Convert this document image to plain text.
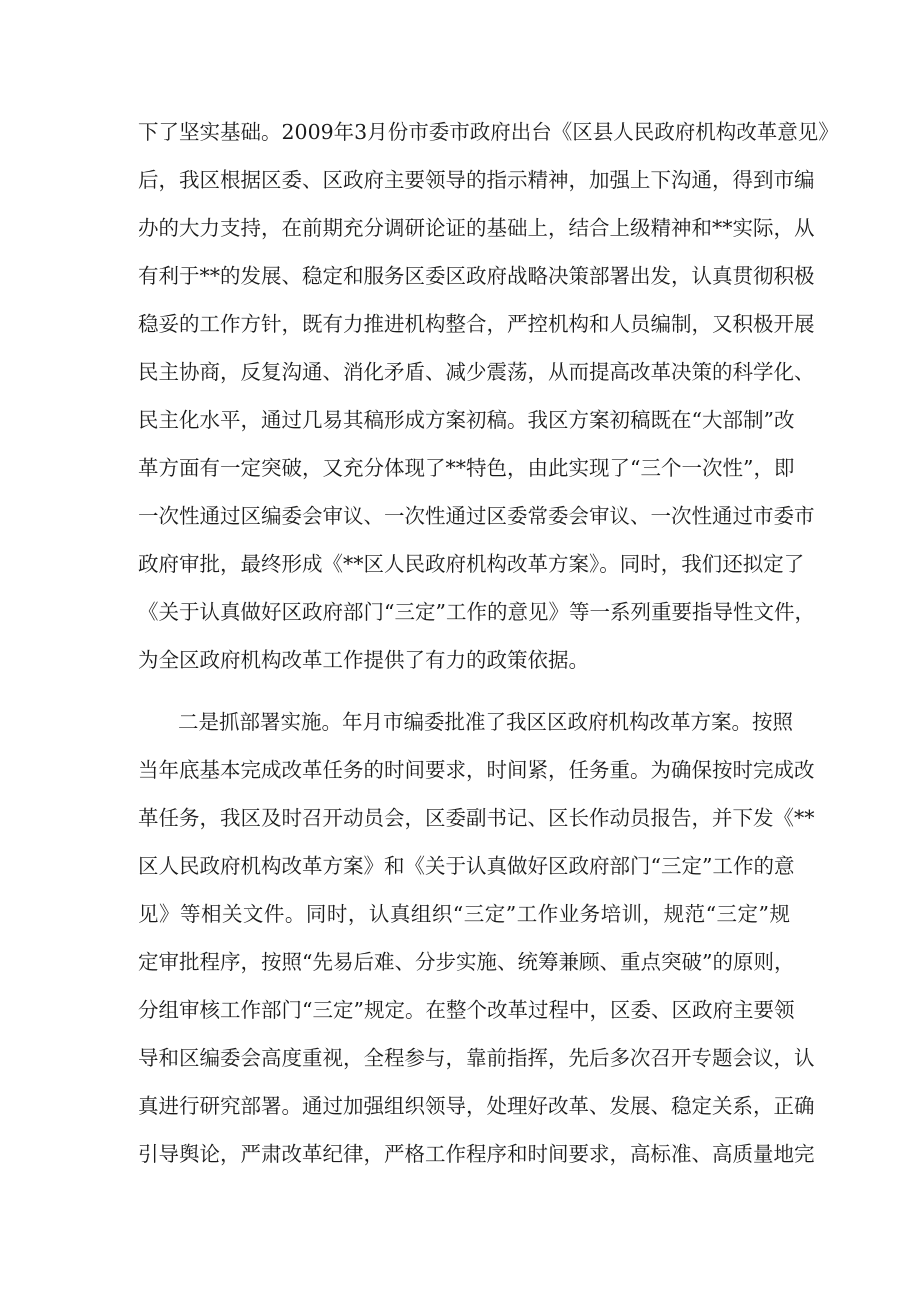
下了坚实基础。2009年3月份市委市政府出台《区县人民政府机构改革意见》
后，我区根据区委、区政府主要领导的指示精神，加强上下沟通，得到市编
办的大力支持，在前期充分调研论证的基础上，结合上级精神和**实际，从
有利于**的发展、稳定和服务区委区政府战略决策部署出发，认真贯彻积极
稳妥的工作方针，既有力推进机构整合，严控机构和人员编制，又积极开展
民主协商，反复沟通、消化矛盾、减少震荡，从而提高改革决策的科学化、
民主化水平，通过几易其稿形成方案初稿。我区方案初稿既在“大部制”改
革方面有一定突破，又充分体现了**特色，由此实现了“三个一次性”，即
一次性通过区编委会审议、一次性通过区委常委会审议、一次性通过市委市
政府审批，最终形成《**区人民政府机构改革方案》。同时，我们还拟定了
《关于认真做好区政府部门“三定”工作的意见》等一系列重要指导性文件，
为全区政府机构改革工作提供了有力的政策依据。
二是抓部署实施。年月市编委批准了我区区政府机构改革方案。按照
当年底基本完成改革任务的时间要求，时间紧，任务重。为确保按时完成改
革任务，我区及时召开动员会，区委副书记、区长作动员报告，并下发《**
区人民政府机构改革方案》和《关于认真做好区政府部门“三定”工作的意
见》等相关文件。同时，认真组织“三定”工作业务培训，规范“三定”规
定审批程序，按照“先易后难、分步实施、统筹兼顾、重点突破”的原则，
分组审核工作部门“三定”规定。在整个改革过程中，区委、区政府主要领
导和区编委会高度重视，全程参与，靠前指挥，先后多次召开专题会议，认
真进行研究部署。通过加强组织领导，处理好改革、发展、稳定关系，正确
引导舆论，严肃改革纪律，严格工作程序和时间要求，高标准、高质量地完
